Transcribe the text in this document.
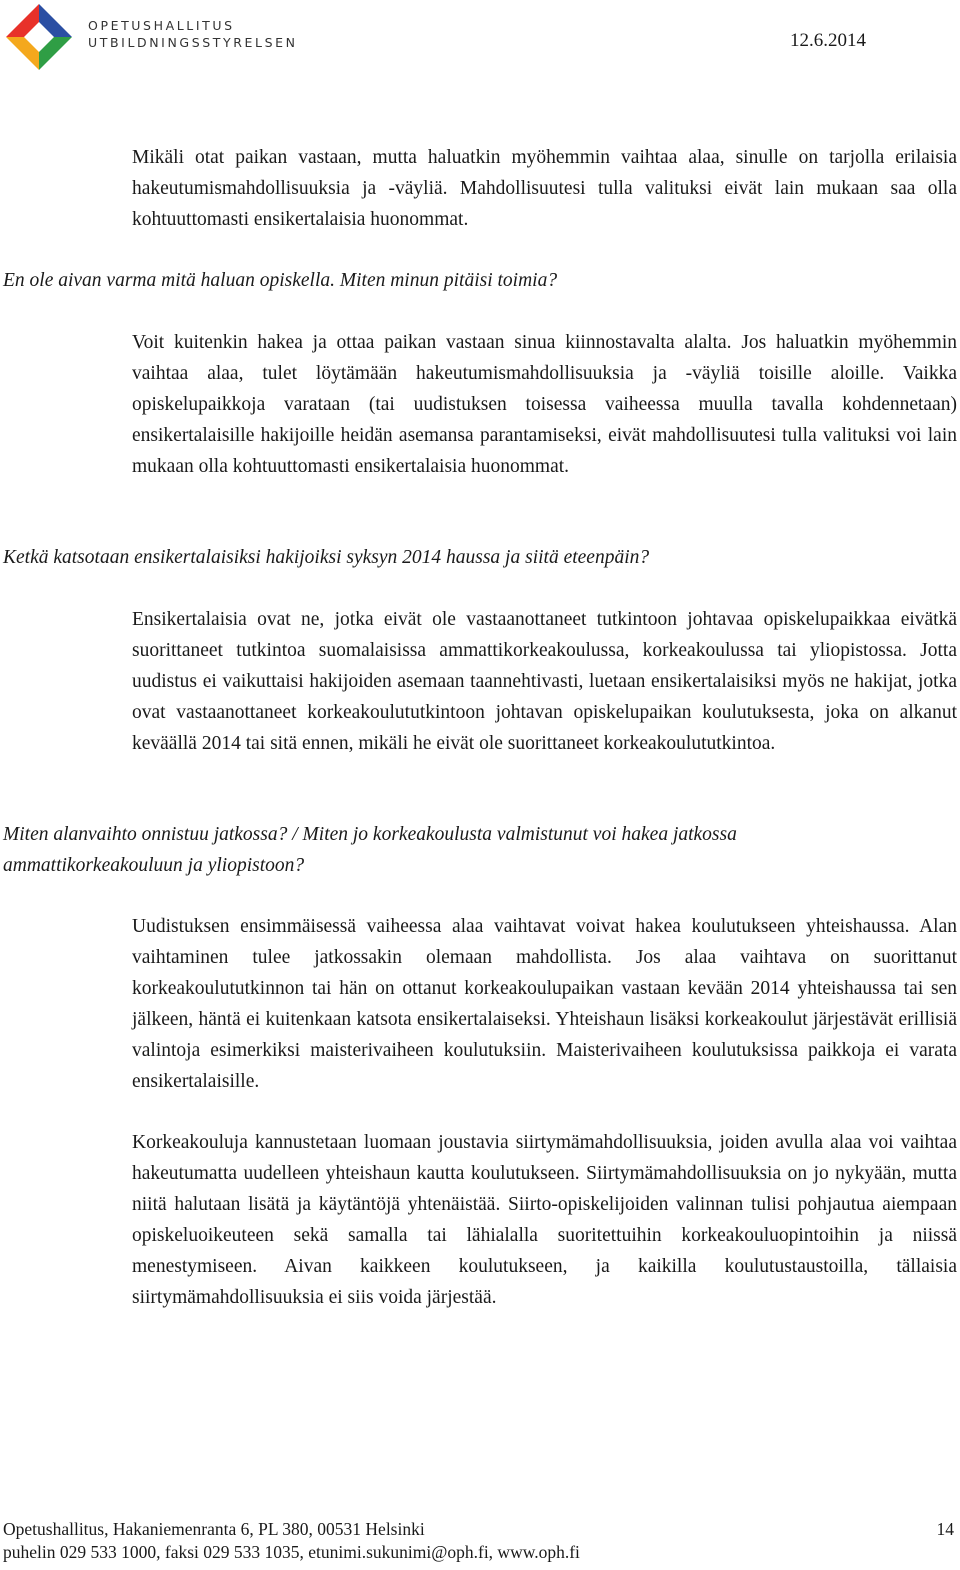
OPETUSHALLITUS
UTBILDNINGSSTYRELSEN	12.6.2014

Mikäli otat paikan vastaan, mutta haluatkin myöhemmin vaihtaa alaa, sinulle on tarjolla erilaisia hakeutumismahdollisuuksia ja -väyliä. Mahdollisuutesi tulla valituksi eivät lain mukaan saa olla kohtuuttomasti ensikertalaisia huonommat.

En ole aivan varma mitä haluan opiskella. Miten minun pitäisi toimia?

Voit kuitenkin hakea ja ottaa paikan vastaan sinua kiinnostavalta alalta. Jos haluatkin myöhemmin vaihtaa alaa, tulet löytämään hakeutumismahdollisuuksia ja -väyliä toisille aloille. Vaikka opiskelupaikkoja varataan (tai uudistuksen toisessa vaiheessa muulla tavalla kohdennetaan) ensikertalaisille hakijoille heidän asemansa parantamiseksi, eivät mahdollisuutesi tulla valituksi voi lain mukaan olla kohtuuttomasti ensikertalaisia huonommat.

Ketkä katsotaan ensikertalaisiksi hakijoiksi syksyn 2014 haussa ja siitä eteenpäin?

Ensikertalaisia ovat ne, jotka eivät ole vastaanottaneet tutkintoon johtavaa opiskelupaikkaa eivätkä suorittaneet tutkintoa suomalaisissa ammattikorkeakoulussa, korkeakoulussa tai yliopistossa. Jotta uudistus ei vaikuttaisi hakijoiden asemaan taannehtivasti, luetaan ensikertalaisiksi myös ne hakijat, jotka ovat vastaanottaneet korkeakoulututkintoon johtavan opiskelupaikan koulutuksesta, joka on alkanut keväällä 2014 tai sitä ennen, mikäli he eivät ole suorittaneet korkeakoulututkintoa.

Miten alanvaihto onnistuu jatkossa? / Miten jo korkeakoulusta valmistunut voi hakea jatkossa
ammattikorkeakouluun ja yliopistoon?

Uudistuksen ensimmäisessä vaiheessa alaa vaihtavat voivat hakea koulutukseen yhteishaussa. Alan vaihtaminen tulee jatkossakin olemaan mahdollista. Jos alaa vaihtava on suorittanut korkeakoulututkinnon tai hän on ottanut korkeakoulupaikan vastaan kevään 2014 yhteishaussa tai sen jälkeen, häntä ei kuitenkaan katsota ensikertalaiseksi. Yhteishaun lisäksi korkeakoulut järjestävät erillisiä valintoja esimerkiksi maisterivaiheen koulutuksiin. Maisterivaiheen koulutuksissa paikkoja ei varata ensikertalaisille.

Korkeakouluja kannustetaan luomaan joustavia siirtymämahdollisuuksia, joiden avulla alaa voi vaihtaa hakeutumatta uudelleen yhteishaun kautta koulutukseen. Siirtymämahdollisuuksia on jo nykyään, mutta niitä halutaan lisätä ja käytäntöjä yhtenäistää. Siirto-opiskelijoiden valinnan tulisi pohjautua aiempaan opiskeluoikeuteen sekä samalla tai lähialalla suoritettuihin korkeakouluopintoihin ja niissä menestymiseen. Aivan kaikkeen koulutukseen, ja kaikilla koulutustaustoilla, tällaisia siirtymämahdollisuuksia ei siis voida järjestää.

Opetushallitus, Hakaniemenranta 6, PL 380, 00531 Helsinki
puhelin 029 533 1000, faksi 029 533 1035, etunimi.sukunimi@oph.fi, www.oph.fi
14
